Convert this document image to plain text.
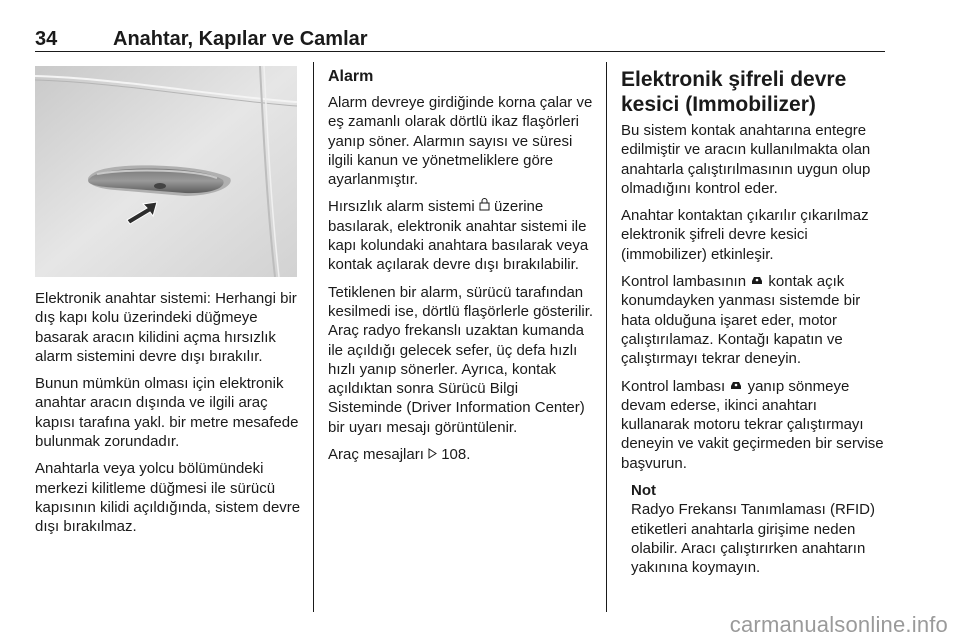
34	Anahtar, Kapılar ve Camlar

Elektronik anahtar sistemi: Herhangi bir dış kapı kolu üzerindeki düğmeye basarak aracın kilidini açma hırsızlık alarm sistemini devre dışı bırakılır.

Bunun mümkün olması için elektronik anahtar aracın dışında ve ilgili araç kapısı tarafına yakl. bir metre mesafede bulunmak zorundadır.

Anahtarla veya yolcu bölümündeki merkezi kilitleme düğmesi ile sürücü kapısının kilidi açıldığında, sistem devre dışı bırakılmaz.

Alarm

Alarm devreye girdiğinde korna çalar ve eş zamanlı olarak dörtlü ikaz flaşörleri yanıp söner. Alarmın sayısı ve süresi ilgili kanun ve yönetmeliklere göre ayarlanmıştır.

Hırsızlık alarm sistemi üzerine basılarak, elektronik anahtar sistemi ile kapı kolundaki anahtara basılarak veya kontak açılarak devre dışı bırakılabilir.

Tetiklenen bir alarm, sürücü tarafından kesilmedi ise, dörtlü flaşörlerle gösterilir. Araç radyo frekanslı uzaktan kumanda ile açıldığı gelecek sefer, üç defa hızlı hızlı yanıp sönerler. Ayrıca, kontak açıldıktan sonra Sürücü Bilgi Sisteminde (Driver Information Center) bir uyarı mesajı görüntülenir.

Araç mesajları 108.

Elektronik şifreli devre kesici (Immobilizer)

Bu sistem kontak anahtarına entegre edilmiştir ve aracın kullanılmakta olan anahtarla çalıştırılmasının uygun olup olmadığını kontrol eder.

Anahtar kontaktan çıkarılır çıkarılmaz elektronik şifreli devre kesici (immobilizer) etkinleşir.

Kontrol lambasının kontak açık konumdayken yanması sistemde bir hata olduğuna işaret eder, motor çalıştırılamaz. Kontağı kapatın ve çalıştırmayı tekrar deneyin.

Kontrol lambası yanıp sönmeye devam ederse, ikinci anahtarı kullanarak motoru tekrar çalıştırmayı deneyin ve vakit geçirmeden bir servise başvurun.

Not
Radyo Frekansı Tanımlaması (RFID) etiketleri anahtarla girişime neden olabilir. Aracı çalıştırırken anahtarın yakınına koymayın.
carmanualsonline.info
